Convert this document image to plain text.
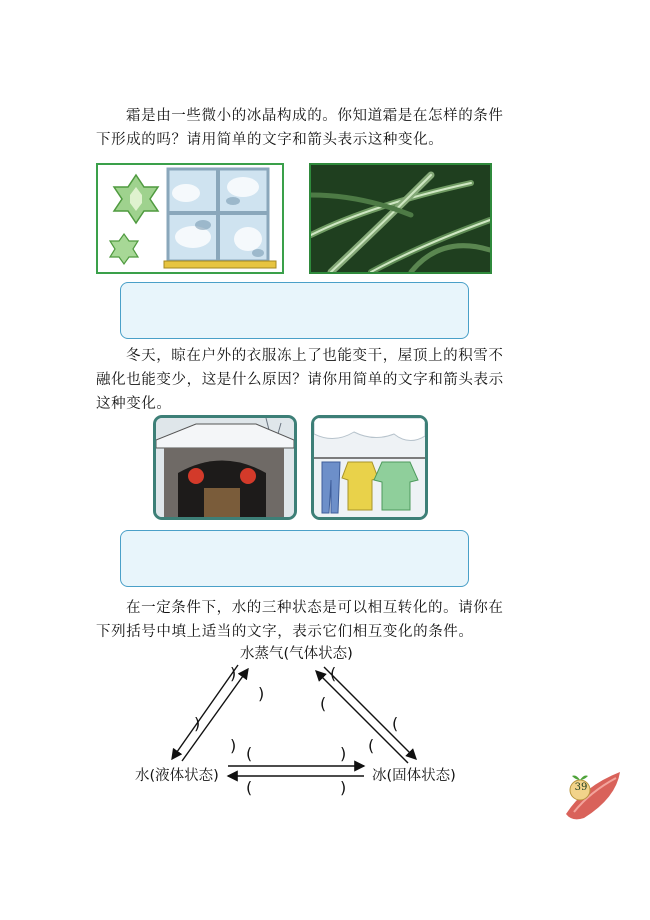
霜是由一些微小的冰晶构成的。你知道霜是在怎样的条件下形成的吗？请用简单的文字和箭头表示这种变化。

冬天，晾在户外的衣服冻上了也能变干，屋顶上的积雪不融化也能变少，这是什么原因？请你用简单的文字和箭头表示这种变化。

在一定条件下，水的三种状态是可以相互转化的。请你在下列括号中填上适当的文字，表示它们相互变化的条件。

水蒸气(气体状态)
水(液体状态)	冰(固体状态)
)
)
)
)
(
(
(
(
(	)
(	)	39
